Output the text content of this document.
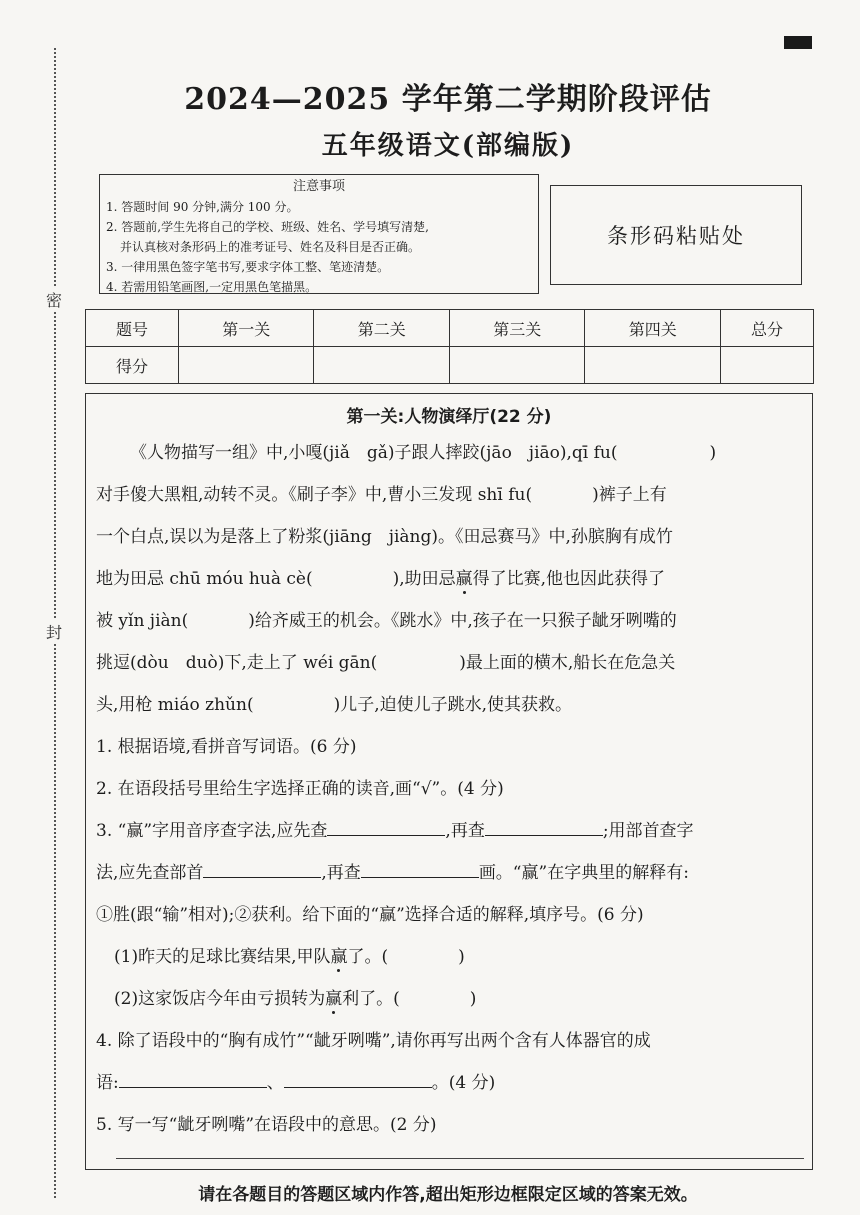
密
封
2024—2025 学年第二学期阶段评估
五年级语文(部编版)
注意事项
1. 答题时间 90 分钟,满分 100 分。
2. 答题前,学生先将自己的学校、班级、姓名、学号填写清楚,
并认真核对条形码上的准考证号、姓名及科目是否正确。
3. 一律用黑色签字笔书写,要求字体工整、笔迹清楚。
4. 若需用铅笔画图,一定用黑色笔描黑。
条形码粘贴处
题号	第一关	第二关	第三关	第四关	总分
得分					
第一关:人物演绎厅(22 分)
《人物描写一组》中,小嘎(jiǎ　gǎ)子跟人摔跤(jāo　jiāo),qī fu(	)
对手傻大黑粗,动转不灵。《刷子李》中,曹小三发现 shī fu(	)裤子上有
一个白点,误以为是落上了粉浆(jiāng　jiàng)。《田忌赛马》中,孙膑胸有成竹
地为田忌 chū móu huà cè(	),助田忌赢得了比赛,他也因此获得了
被 yǐn jiàn(	)给齐威王的机会。《跳水》中,孩子在一只猴子龇牙咧嘴的
挑逗(dòu　duò)下,走上了 wéi gān(	)最上面的横木,船长在危急关
头,用枪 miáo zhǔn(	)儿子,迫使儿子跳水,使其获救。
1. 根据语境,看拼音写词语。(6 分)
2. 在语段括号里给生字选择正确的读音,画“√”。(4 分)
3. “赢”字用音序查字法,应先查	,再查	;用部首查字
法,应先查部首	,再查	画。“赢”在字典里的解释有:
①胜(跟“输”相对);②获利。给下面的“赢”选择合适的解释,填序号。(6 分)
(1)昨天的足球比赛结果,甲队赢了。(	)
(2)这家饭店今年由亏损转为赢利了。(	)
4. 除了语段中的“胸有成竹”“龇牙咧嘴”,请你再写出两个含有人体器官的成
语:	、	。(4 分)
5. 写一写“龇牙咧嘴”在语段中的意思。(2 分)
请在各题目的答题区域内作答,超出矩形边框限定区域的答案无效。
